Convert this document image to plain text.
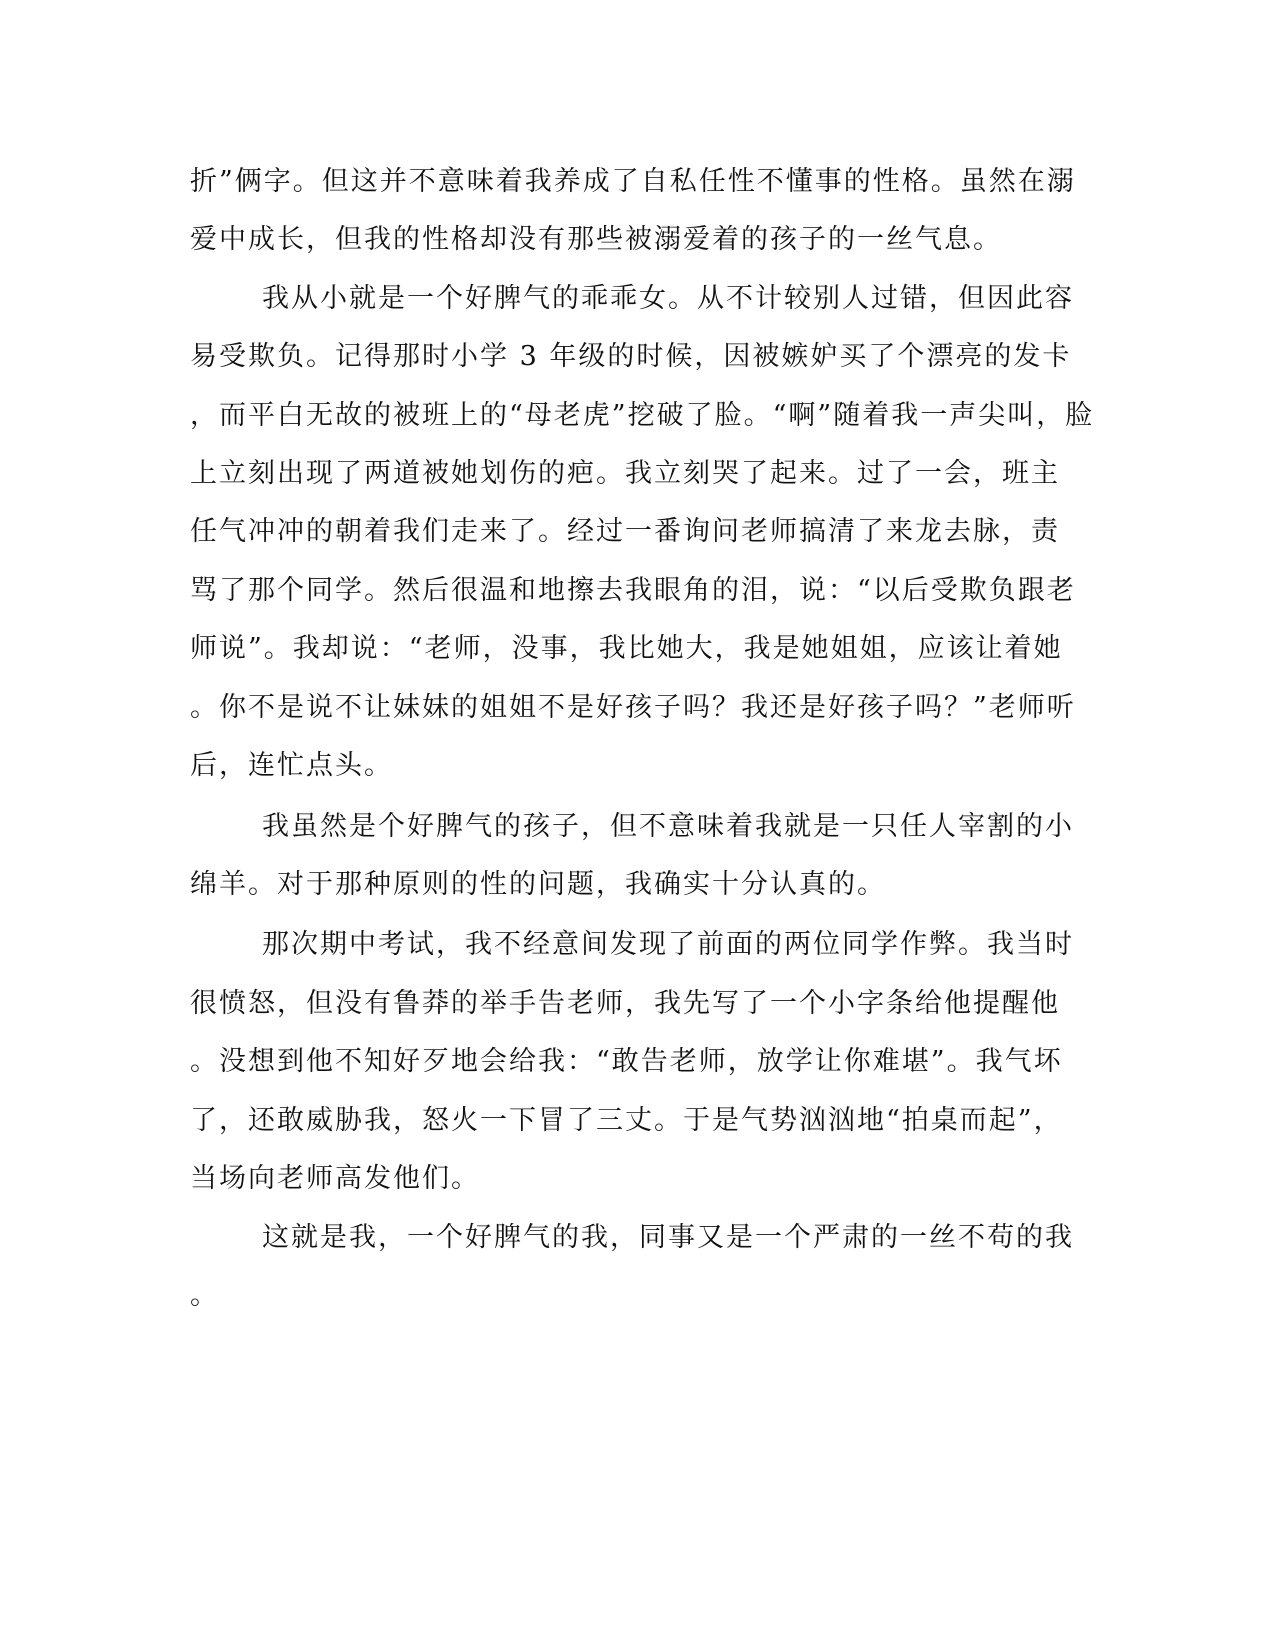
折”俩字。但这并不意味着我养成了自私任性不懂事的性格。虽然在溺
爱中成长，但我的性格却没有那些被溺爱着的孩子的一丝气息。
我从小就是一个好脾气的乖乖女。从不计较别人过错，但因此容
易受欺负。记得那时小学 3 年级的时候，因被嫉妒买了个漂亮的发卡
，而平白无故的被班上的“母老虎”挖破了脸。“啊”随着我一声尖叫，脸
上立刻出现了两道被她划伤的疤。我立刻哭了起来。过了一会，班主
任气冲冲的朝着我们走来了。经过一番询问老师搞清了来龙去脉，责
骂了那个同学。然后很温和地擦去我眼角的泪，说：“以后受欺负跟老
师说”。我却说：“老师，没事，我比她大，我是她姐姐，应该让着她
。你不是说不让妹妹的姐姐不是好孩子吗？我还是好孩子吗？”老师听
后，连忙点头。
我虽然是个好脾气的孩子，但不意味着我就是一只任人宰割的小
绵羊。对于那种原则的性的问题，我确实十分认真的。
那次期中考试，我不经意间发现了前面的两位同学作弊。我当时
很愤怒，但没有鲁莽的举手告老师，我先写了一个小字条给他提醒他
。没想到他不知好歹地会给我：“敢告老师，放学让你难堪”。我气坏
了，还敢威胁我，怒火一下冒了三丈。于是气势汹汹地“拍桌而起”，
当场向老师高发他们。
这就是我，一个好脾气的我，同事又是一个严肃的一丝不苟的我
。
